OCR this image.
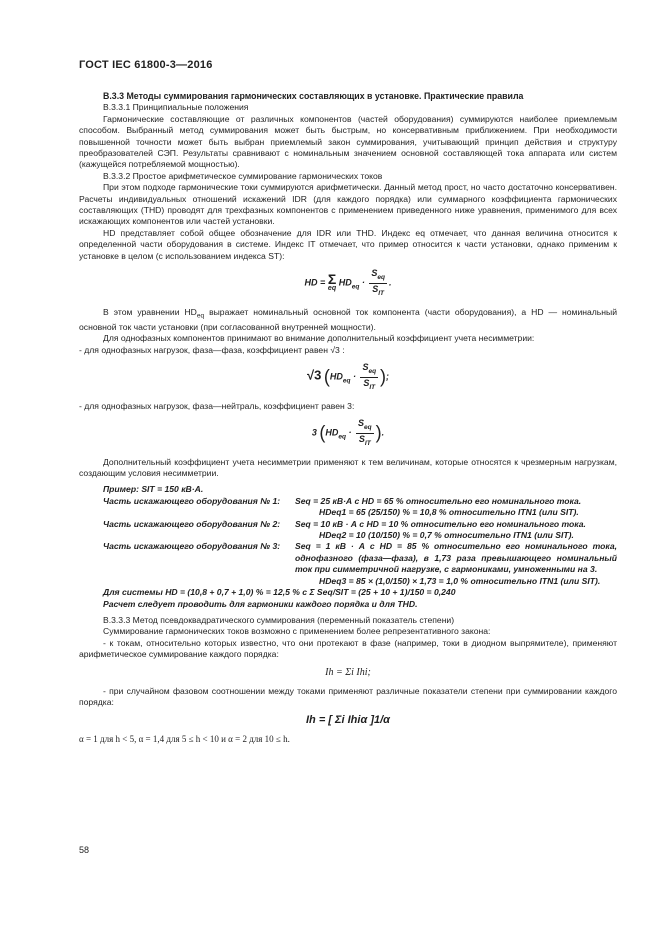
ГОСТ IEC 61800-3—2016

B.3.3 Методы суммирования гармонических составляющих в установке. Практические правила

B.3.3.1 Принципиальные положения

Гармонические составляющие от различных компонентов (частей оборудования) суммируются наиболее приемлемым способом. Выбранный метод суммирования может быть быстрым, но консервативным приближением. При необходимости повышенной точности может быть выбран приемлемый закон суммирования, учитывающий принцип действия и структуру преобразователей СЭП. Результаты сравнивают с номинальным значением основной составляющей тока аппарата или систем (кажущейся потребляемой мощностью).

B.3.3.2 Простое арифметическое суммирование гармонических токов

При этом подходе гармонические токи суммируются арифметически. Данный метод прост, но часто достаточно консервативен. Расчеты индивидуальных отношений искажений IDR (для каждого порядка) или суммарного коэффициента гармонических составляющих (THD) проводят для трехфазных компонентов с применением приведенного ниже уравнения, применимого для всех искажающих компонентов или частей установки.

HD представляет собой общее обозначение для IDR или THD. Индекс eq отмечает, что данная величина относится к определенной части оборудования в системе. Индекс IT отмечает, что пример относится к части установки, однако применим к установке в целом (с использованием индекса ST):

HD = Σ
eq
$HD_{eq} \cdot \frac{S_{eq}}{S_{IT}}$ .

В этом уравнении $HD_{eq}$ выражает номинальный основной ток компонента (части оборудования), а HD — номинальный основной ток части установки (при согласованной внутренней мощности).

Для однофазных компонентов принимают во внимание дополнительный коэффициент учета несимметрии:

- для однофазных нагрузок, фаза—фаза, коэффициент равен √3 :

√3 ($HD_{eq} \cdot \frac{S_{eq}}{S_{IT}}$ );

- для однофазных нагрузок, фаза—нейтраль, коэффициент равен 3:

3 ($HD_{eq} \cdot \frac{S_{eq}}{S_{IT}}$ ).

Дополнительный коэффициент учета несимметрии применяют к тем величинам, которые относятся к чрезмерным нагрузкам, создающим условия несимметрии.

Пример: SIT = 150 кВ·А.

Часть искажающего оборудования № 1:	Seq = 25 кВ·А с HD = 65 % относительно его номинального тока.

HDeq1 = 65 (25/150) % = 10,8 % относительно ITN1 (или SIT).

Часть искажающего оборудования № 2:	Seq = 10 кВ · А с HD = 10 % относительно его номинального тока.

HDeq2 = 10 (10/150) % = 0,7 % относительно ITN1 (или SIT).

Часть искажающего оборудования № 3:	Seq = 1 кВ · А с HD = 85 % относительно его номинального тока, однофазного (фаза—фаза), в 1,73 раза превышающего номинальный ток при симметричной нагрузке, с гармониками, умноженными на 3.

HDeq3 = 85 × (1,0/150) × 1,73 = 1,0 % относительно ITN1 (или SIT).

Для системы HD = (10,8 + 0,7 + 1,0) % = 12,5 % с Σ Seq/SIT = (25 + 10 + 1)/150 = 0,240

Расчет следует проводить для гармоники каждого порядка и для THD.

B.3.3.3 Метод псевдоквадратического суммирования (переменный показатель степени)

Суммирование гармонических токов возможно с применением более репрезентативного закона:

- к токам, относительно которых известно, что они протекают в фазе (например, токи в диодном выпрямителе), применяют арифметическое суммирование каждого порядка:

Ih = Σi Ihi;

- при случайном фазовом соотношении между токами применяют различные показатели степени при суммировании каждого порядка:

Ih = [ Σi Ihiα ]1/α

α = 1 для h < 5, α = 1,4 для 5 ≤ h < 10 и α = 2 для 10 ≤ h.

58
